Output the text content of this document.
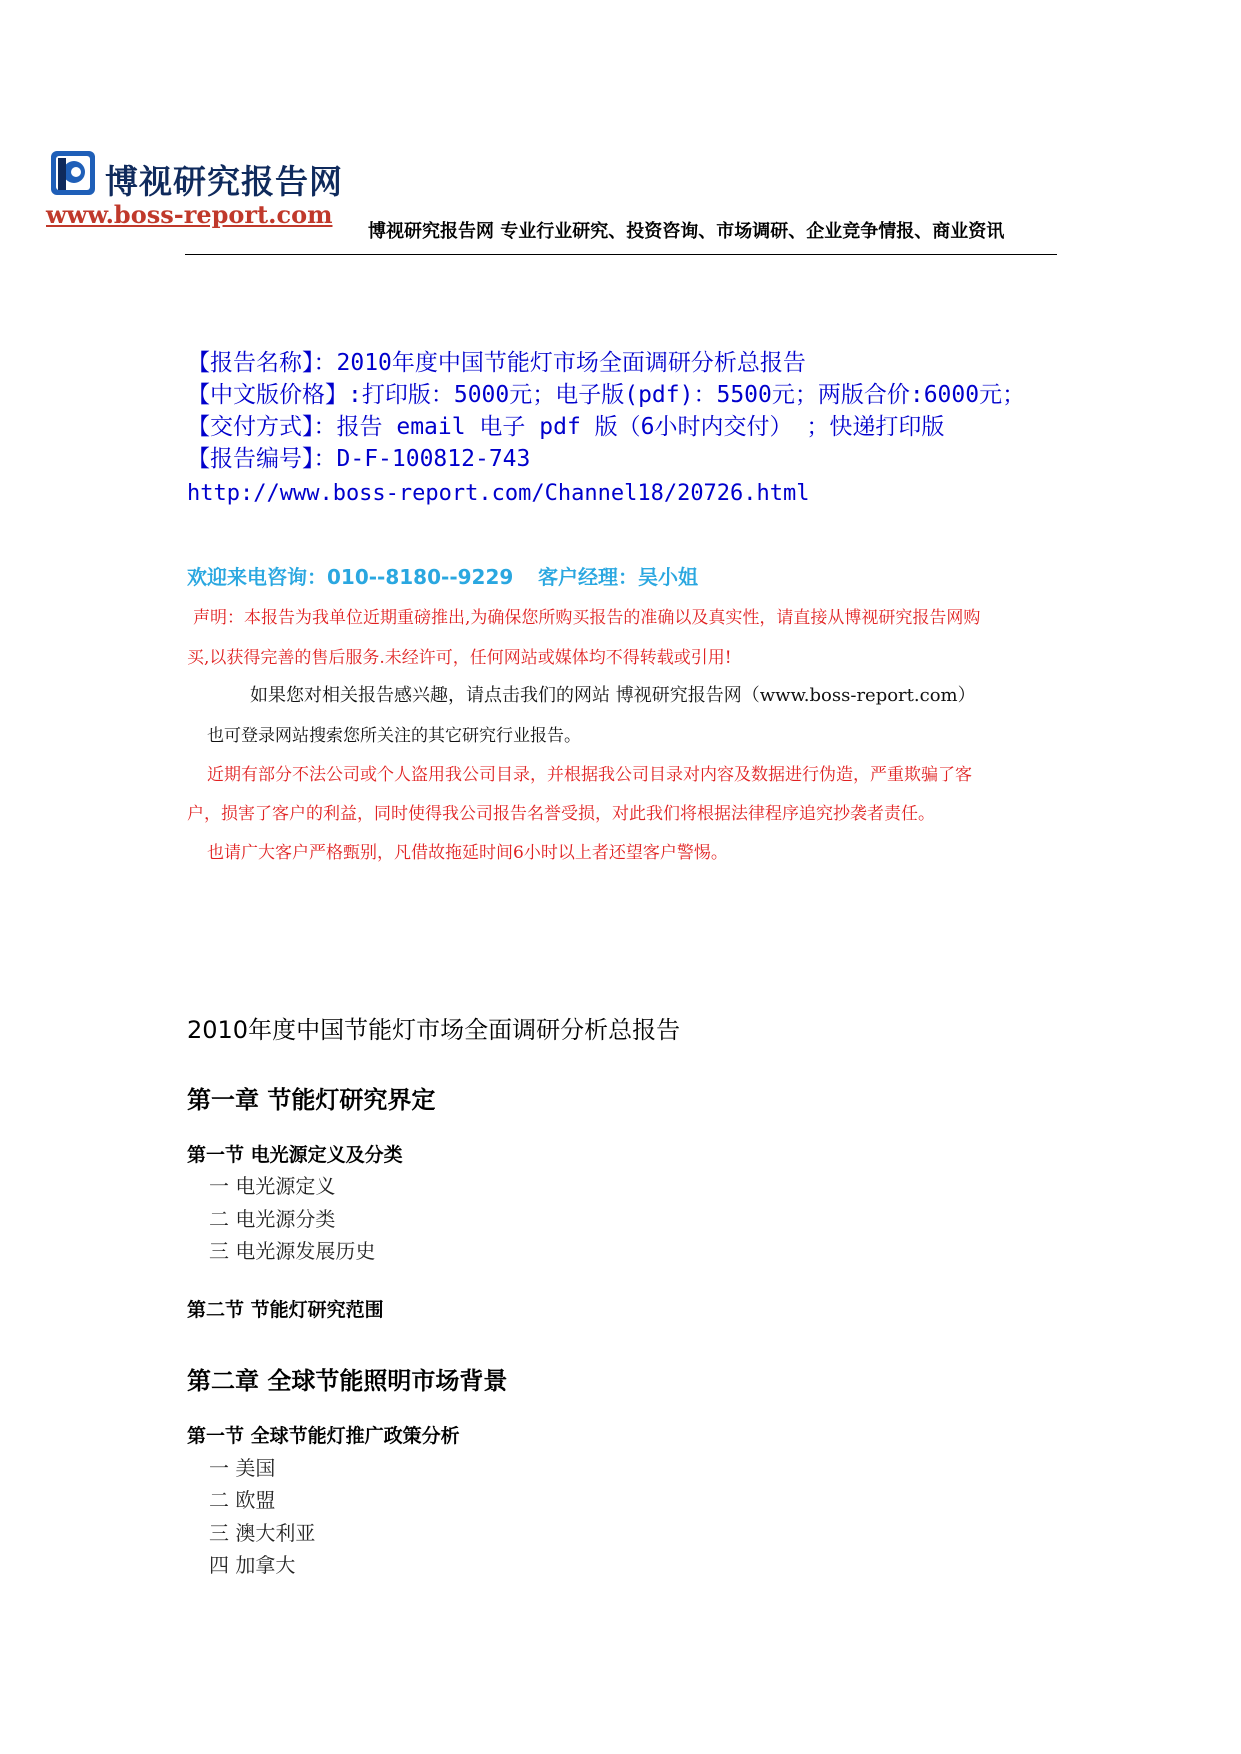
博视研究报告网
www.boss-report.com
博视研究报告网 专业行业研究、投资咨询、市场调研、企业竞争情报、商业资讯
【报告名称】：2010年度中国节能灯市场全面调研分析总报告
【中文版价格】:打印版：5000元；电子版(pdf)：5500元；两版合价:6000元；
【交付方式】：报告 email 电子 pdf 版（6小时内交付） ；快递打印版
【报告编号】：D-F-100812-743
http://www.boss-report.com/Channel18/20726.html
欢迎来电咨询：010--8180--9229 客户经理：吴小姐
声明：本报告为我单位近期重磅推出,为确保您所购买报告的准确以及真实性，请直接从博视研究报告网购
买,以获得完善的售后服务.未经许可，任何网站或媒体均不得转载或引用!
如果您对相关报告感兴趣，请点击我们的网站 博视研究报告网（www.boss-report.com）
也可登录网站搜索您所关注的其它研究行业报告。
近期有部分不法公司或个人盗用我公司目录，并根据我公司目录对内容及数据进行伪造，严重欺骗了客
户，损害了客户的利益，同时使得我公司报告名誉受损，对此我们将根据法律程序追究抄袭者责任。
也请广大客户严格甄别，凡借故拖延时间6小时以上者还望客户警惕。
2010年度中国节能灯市场全面调研分析总报告
第一章 节能灯研究界定
第一节 电光源定义及分类
一 电光源定义
二 电光源分类
三 电光源发展历史
第二节 节能灯研究范围
第二章 全球节能照明市场背景
第一节 全球节能灯推广政策分析
一 美国
二 欧盟
三 澳大利亚
四 加拿大
